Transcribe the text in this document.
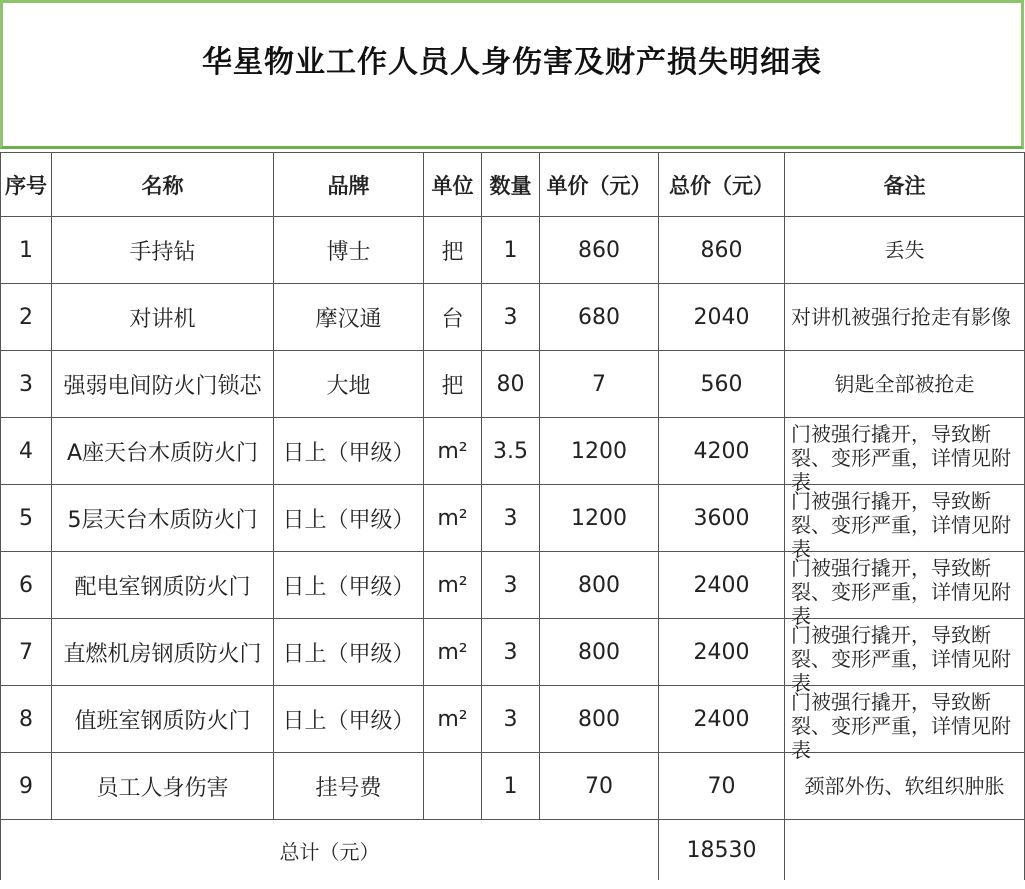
华星物业工作人员人身伤害及财产损失明细表
序号	名称	品牌	单位	数量	单价（元）	总价（元）	备注
1	手持钻	博士	把	1	860	860	丢失

2	对讲机	摩汉通	台	3	680	2040	对讲机被强行抢走有影像

3	强弱电间防火门锁芯	大地	把	80	7	560	钥匙全部被抢走

4	A座天台木质防火门	日上（甲级）	m²	3.5	1200	4200	门被强行撬开，导致断裂、变形严重，详情见附表

5	5层天台木质防火门	日上（甲级）	m²	3	1200	3600	门被强行撬开，导致断裂、变形严重，详情见附表

6	配电室钢质防火门	日上（甲级）	m²	3	800	2400	门被强行撬开，导致断裂、变形严重，详情见附表

7	直燃机房钢质防火门	日上（甲级）	m²	3	800	2400	门被强行撬开，导致断裂、变形严重，详情见附表

8	值班室钢质防火门	日上（甲级）	m²	3	800	2400	门被强行撬开，导致断裂、变形严重，详情见附表

9	员工人身伤害	挂号费		1	70	70	颈部外伤、软组织肿胀

总计（元）						18530	
